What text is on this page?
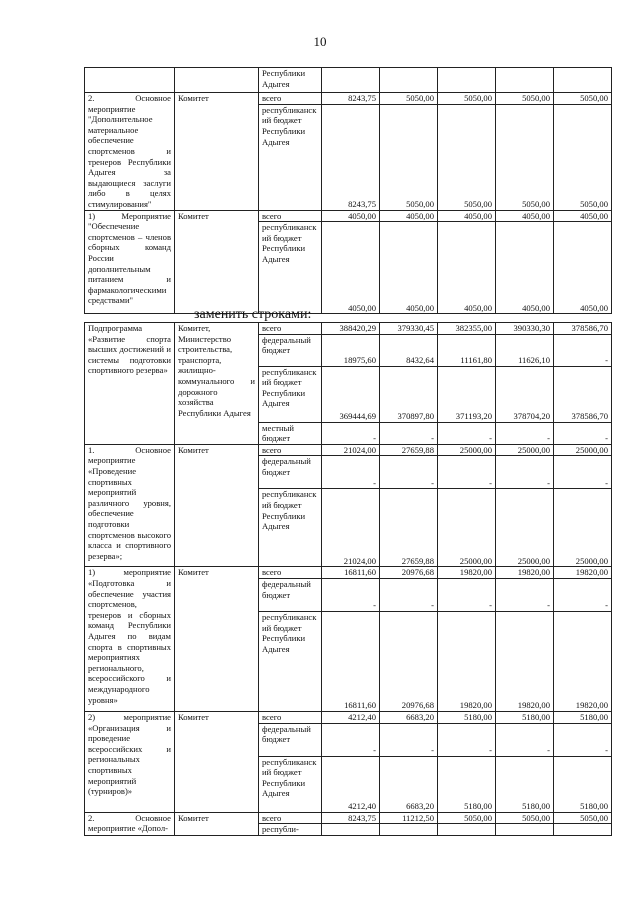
10
		Республики
Адыгея					
2. Основное мероприятие "Дополнительное материальное обеспечение спортсменов и тренеров Республики Адыгея за выдающиеся заслуги либо в целях стимулирования"	Комитет	всего	8243,75	5050,00	5050,00	5050,00	5050,00
		республиканский бюджет Республики Адыгея	8243,75	5050,00	5050,00	5050,00	5050,00
1) Мероприятие "Обеспечение спортсменов – членов сборных команд России дополнительным питанием и фармакологическими средствами"	Комитет	всего	4050,00	4050,00	4050,00	4050,00	4050,00
		республиканский бюджет Республики Адыгея	4050,00	4050,00	4050,00	4050,00	4050,00
заменить строками:
Подпрограмма «Развитие спорта высших достижений и системы подготовки спортивного резерва»	Комитет, Министерство строительства, транспорта, жилищно-коммунального и дорожного хозяйства Республики Адыгея	всего	388420,29	379330,45	382355,00	390330,30	378586,70
		федеральный бюджет	18975,60	8432,64	11161,80	11626,10	-
		республиканский бюджет Республики Адыгея	369444,69	370897,80	371193,20	378704,20	378586,70
		местный бюджет	-	-	-	-	-
1. Основное мероприятие «Проведение спортивных мероприятий различного уровня, обеспечение подготовки спортсменов высокого класса и спортивного резерва»;	Комитет	всего	21024,00	27659,88	25000,00	25000,00	25000,00
		федеральный бюджет	-	-	-	-	-
		республиканский бюджет Республики Адыгея	21024,00	27659,88	25000,00	25000,00	25000,00
1) мероприятие «Подготовка и обеспечение участия спортсменов, тренеров и сборных команд Республики Адыгея по видам спорта в спортивных мероприятиях регионального, всероссийского и международного уровня»	Комитет	всего	16811,60	20976,68	19820,00	19820,00	19820,00
		федеральный бюджет	-	-	-	-	-
		республиканский бюджет Республики Адыгея	16811,60	20976,68	19820,00	19820,00	19820,00
2) мероприятие «Организация и проведение всероссийских и региональных спортивных мероприятий (турниров)»	Комитет	всего	4212,40	6683,20	5180,00	5180,00	5180,00
		федеральный бюджет	-	-	-	-	-
		республиканский бюджет Республики Адыгея	4212,40	6683,20	5180,00	5180,00	5180,00
2. Основное мероприятие «Допол-	Комитет	всего	8243,75	11212,50	5050,00	5050,00	5050,00
		республи-					
